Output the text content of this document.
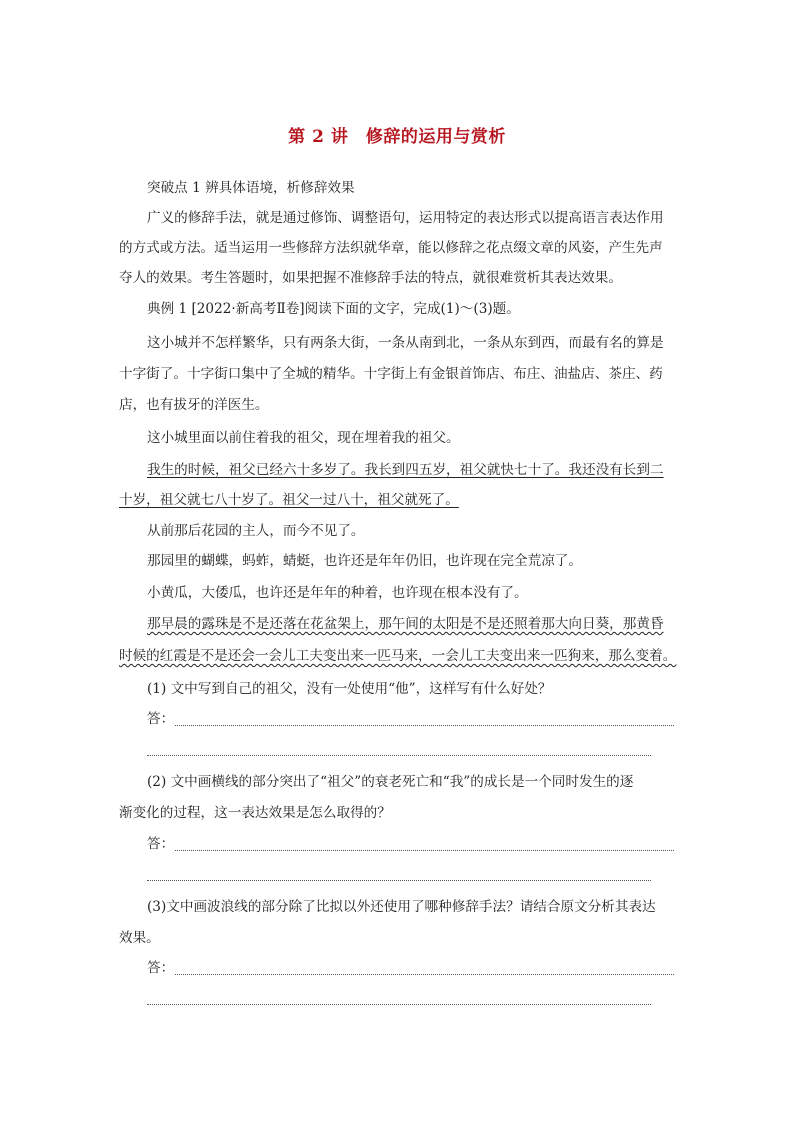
第 2 讲　修辞的运用与赏析
突破点 1 辨具体语境，析修辞效果
广义的修辞手法，就是通过修饰、调整语句，运用特定的表达形式以提高语言表达作用
的方式或方法。适当运用一些修辞方法织就华章，能以修辞之花点缀文章的风姿，产生先声
夺人的效果。考生答题时，如果把握不准修辞手法的特点，就很难赏析其表达效果。
典例 1 [2022·新高考Ⅱ卷]阅读下面的文字，完成(1)～(3)题。
这小城并不怎样繁华，只有两条大街，一条从南到北，一条从东到西，而最有名的算是
十字街了。十字街口集中了全城的精华。十字街上有金银首饰店、布庄、油盐店、茶庄、药
店，也有拔牙的洋医生。
这小城里面以前住着我的祖父，现在埋着我的祖父。
我生的时候，祖父已经六十多岁了。我长到四五岁，祖父就快七十了。我还没有长到二
十岁，祖父就七八十岁了。祖父一过八十，祖父就死了。
从前那后花园的主人，而今不见了。
那园里的蝴蝶，蚂蚱，蜻蜓，也许还是年年仍旧，也许现在完全荒凉了。
小黄瓜，大倭瓜，也许还是年年的种着，也许现在根本没有了。
那早晨的露珠是不是还落在花盆架上，那午间的太阳是不是还照着那大向日葵，那黄昏
时候的红霞是不是还会一会儿工夫变出来一匹马来，一会儿工夫变出来一匹狗来，那么变着。
(1) 文中写到自己的祖父，没有一处使用“他”，这样写有什么好处？
答：
(2) 文中画横线的部分突出了“祖父”的衰老死亡和“我”的成长是一个同时发生的逐
渐变化的过程，这一表达效果是怎么取得的？
答：
(3)文中画波浪线的部分除了比拟以外还使用了哪种修辞手法？请结合原文分析其表达
效果。
答：
